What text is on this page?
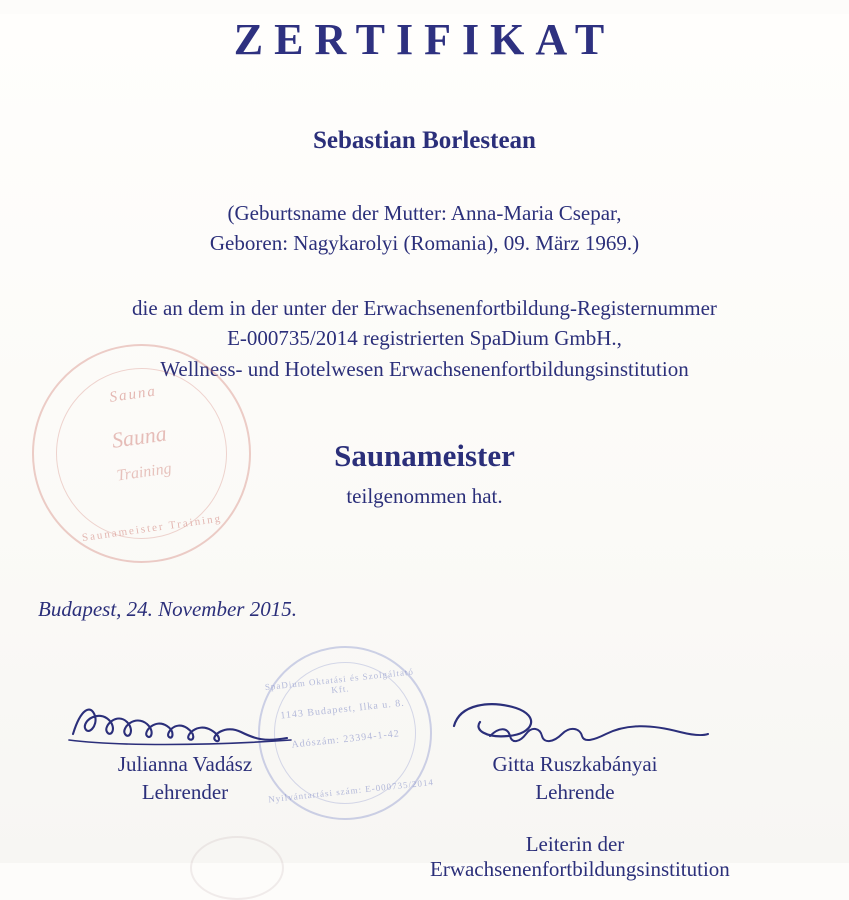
Sauna
Sauna
Training
Saunameister Training
SpaDium Oktatási és Szolgáltató Kft.
1143 Budapest, Ilka u. 8.
Adószám: 23394-1-42
Nyilvántartási szám: E-000735/2014
ZERTIFIKAT
Sebastian Borlestean
(Geburtsname der Mutter: Anna-Maria Csepar,
Geboren: Nagykarolyi (Romania), 09. März 1969.)
die an dem in der unter der Erwachsenenfortbildung-Registernummer
E-000735/2014 registrierten SpaDium GmbH.,
Wellness- und Hotelwesen Erwachsenenfortbildungsinstitution
Saunameister
teilgenommen hat.
Budapest, 24. November 2015.
Julianna Vadász
Lehrender
Gitta Ruszkabányai
Lehrende
Leiterin der Erwachsenenfortbildungsinstitution
